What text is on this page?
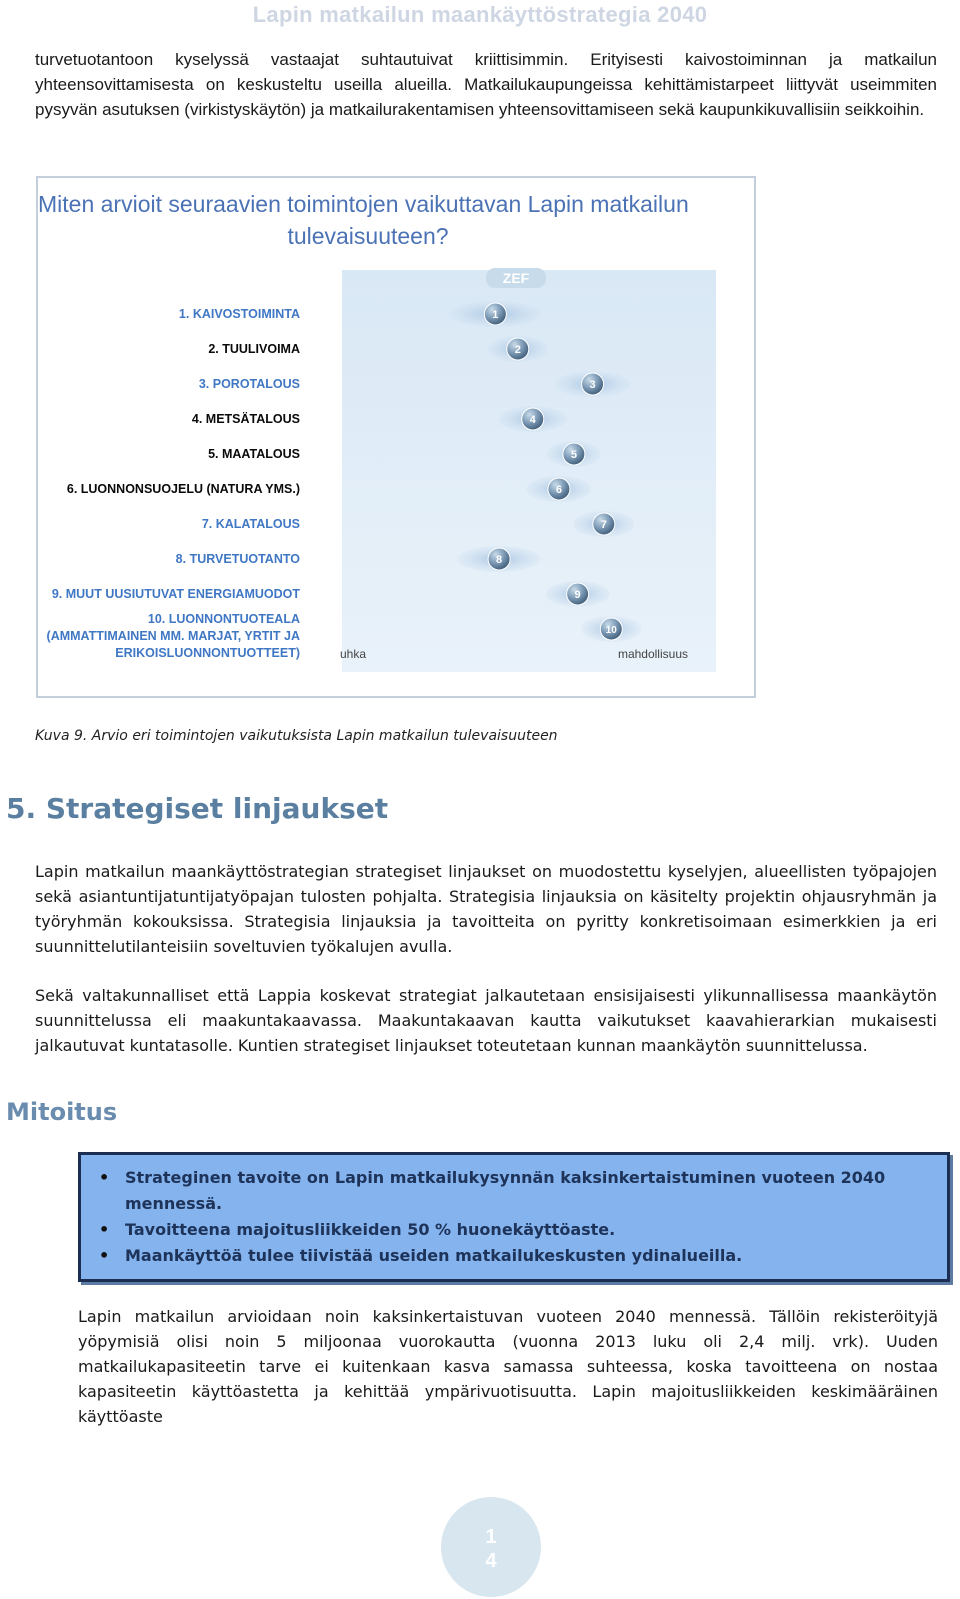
Lapin matkailun maankäyttöstrategia 2040

turvetuotantoon kyselyssä vastaajat suhtautuivat kriittisimmin. Erityisesti kaivostoiminnan ja matkailun yhteensovittamisesta on keskusteltu useilla alueilla. Matkailukaupungeissa kehittämistarpeet liittyvät useimmiten pysyvän asutuksen (virkistyskäytön) ja matkailurakentamisen yhteensovittamiseen sekä kaupunkikuvallisiin seikkoihin.

Miten arvioit seuraavien toimintojen vaikuttavan Lapin matkailun
tulevaisuuteen?
ZEF
1. KAIVOSTOIMINTA
2. TUULIVOIMA
3. POROTALOUS
4. METSÄTALOUS
5. MAATALOUS
6. LUONNONSUOJELU (NATURA YMS.)
7. KALATALOUS
8. TURVETUOTANTO
9. MUUT UUSIUTUVAT ENERGIAMUODOT
10. LUONNONTUOTEALA (AMMATTIMAINEN MM. MARJAT, YRTIT JA ERIKOISLUONNONTUOTTEET)
1
2
3
4
5
6
7
8
9
10
uhka	mahdollisuus
Kuva 9. Arvio eri toimintojen vaikutuksista Lapin matkailun tulevaisuuteen
5. Strategiset linjaukset

Lapin matkailun maankäyttöstrategian strategiset linjaukset on muodostettu kyselyjen, alueellisten työpajojen sekä asiantuntijatuntijatyöpajan tulosten pohjalta. Strategisia linjauksia on käsitelty projektin ohjausryhmän ja työryhmän kokouksissa. Strategisia linjauksia ja tavoitteita on pyritty konkretisoimaan esimerkkien ja eri suunnittelutilanteisiin soveltuvien työkalujen avulla.

Sekä valtakunnalliset että Lappia koskevat strategiat jalkautetaan ensisijaisesti ylikunnallisessa maankäytön suunnittelussa eli maakuntakaavassa. Maakuntakaavan kautta vaikutukset kaavahierarkian mukaisesti jalkautuvat kuntatasolle. Kuntien strategiset linjaukset toteutetaan kunnan maankäytön suunnittelussa.

Mitoitus
• Strateginen tavoite on Lapin matkailukysynnän kaksinkertaistuminen vuoteen 2040 mennessä.
• Tavoitteena majoitusliikkeiden 50 % huonekäyttöaste.
• Maankäyttöä tulee tiivistää useiden matkailukeskusten ydinalueilla.

Lapin matkailun arvioidaan noin kaksinkertaistuvan vuoteen 2040 mennessä. Tällöin rekisteröityjä yöpymisiä olisi noin 5 miljoonaa vuorokautta (vuonna 2013 luku oli 2,4 milj. vrk). Uuden matkailukapasiteetin tarve ei kuitenkaan kasva samassa suhteessa, koska tavoitteena on nostaa kapasiteetin käyttöastetta ja kehittää ympärivuotisuutta. Lapin majoitusliikkeiden keskimääräinen käyttöaste

1
4
